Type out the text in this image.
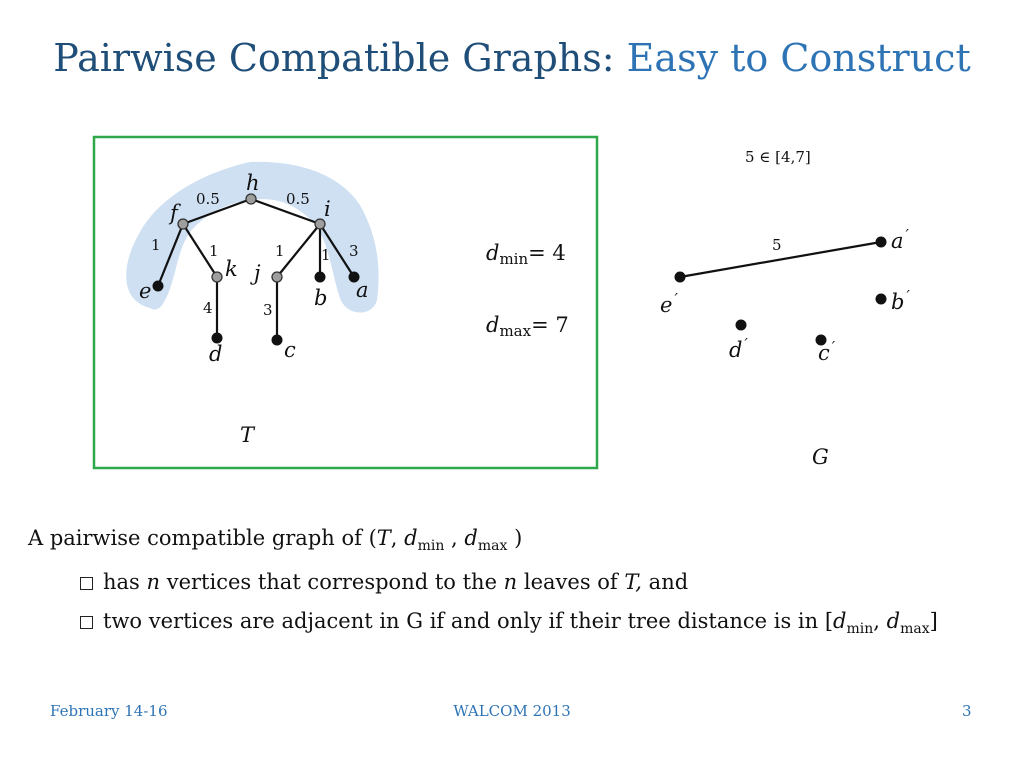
Pairwise Compatible Graphs: Easy to Construct
h
f	i
k j
e
d	c
b a
0.5	0.5
1	1
4
1
3
1 3
T
dmin= 4
dmax= 7
5 ∈ [4,7]
5	a ′
b ′
e ′
d ′	c ′
G
A pairwise compatible graph of (T, $d_{min}$ , $d_{max}$ )
has n vertices that correspond to the n leaves of T, and
two vertices are adjacent in G if and only if their tree distance is in [$d_{min}$, $d_{max}$]
February 14-16	WALCOM 2013	3
